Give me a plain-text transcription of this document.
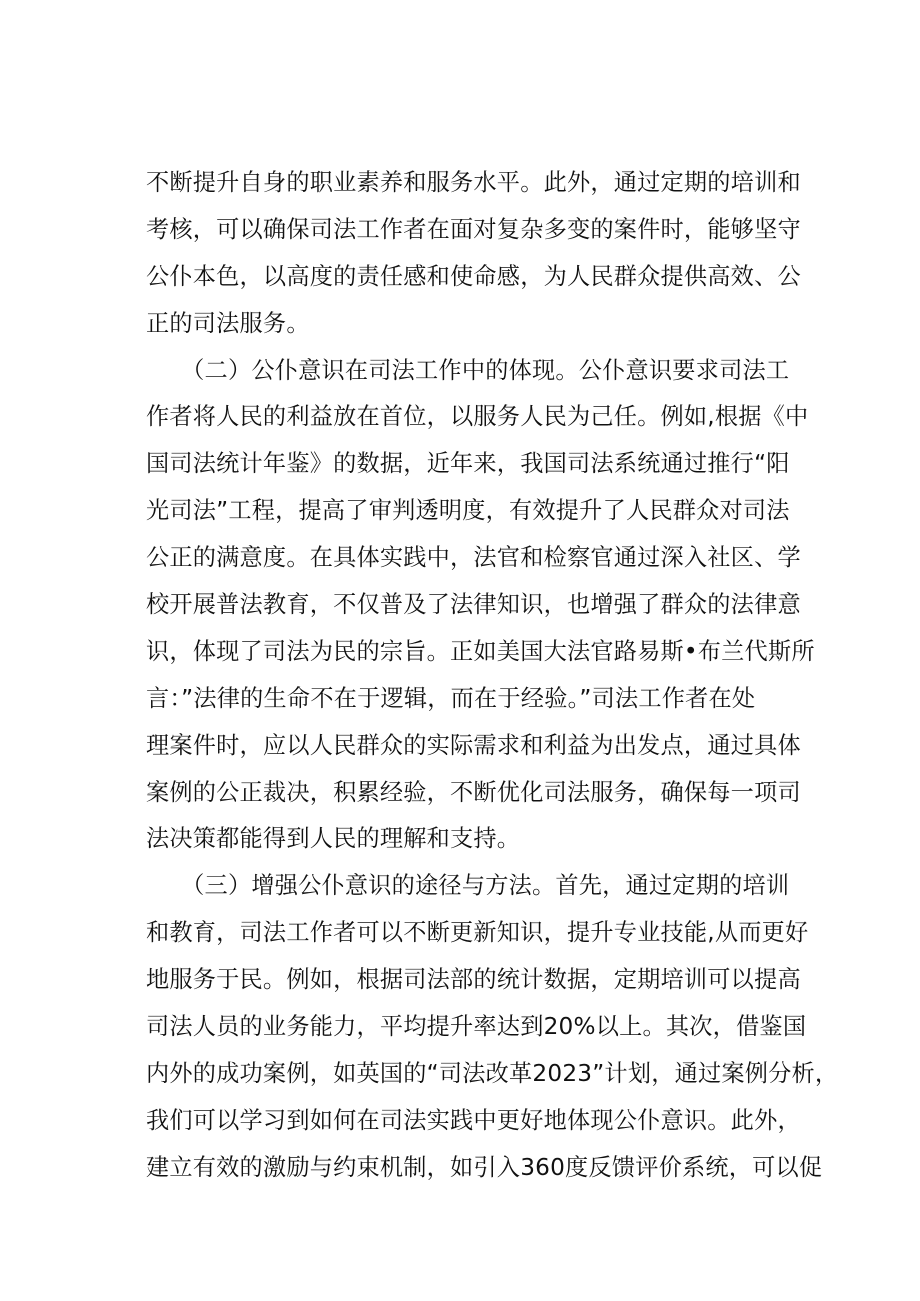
不断提升自身的职业素养和服务水平。此外，通过定期的培训和
考核，可以确保司法工作者在面对复杂多变的案件时，能够坚守
公仆本色，以高度的责任感和使命感，为人民群众提供高效、公
正的司法服务。
　　（二）公仆意识在司法工作中的体现。公仆意识要求司法工
作者将人民的利益放在首位，以服务人民为己任。例如,根据《中
国司法统计年鉴》的数据，近年来，我国司法系统通过推行“阳
光司法”工程，提高了审判透明度，有效提升了人民群众对司法
公正的满意度。在具体实践中，法官和检察官通过深入社区、学
校开展普法教育，不仅普及了法律知识，也增强了群众的法律意
识，体现了司法为民的宗旨。正如美国大法官路易斯•布兰代斯所
言：”法律的生命不在于逻辑，而在于经验。”司法工作者在处
理案件时，应以人民群众的实际需求和利益为出发点，通过具体
案例的公正裁决，积累经验，不断优化司法服务，确保每一项司
法决策都能得到人民的理解和支持。
　　（三）增强公仆意识的途径与方法。首先，通过定期的培训
和教育，司法工作者可以不断更新知识，提升专业技能,从而更好
地服务于民。例如，根据司法部的统计数据，定期培训可以提高
司法人员的业务能力，平均提升率达到20%以上。其次，借鉴国
内外的成功案例，如英国的“司法改革2023”计划，通过案例分析，
我们可以学习到如何在司法实践中更好地体现公仆意识。此外，
建立有效的激励与约束机制，如引入360度反馈评价系统，可以促
